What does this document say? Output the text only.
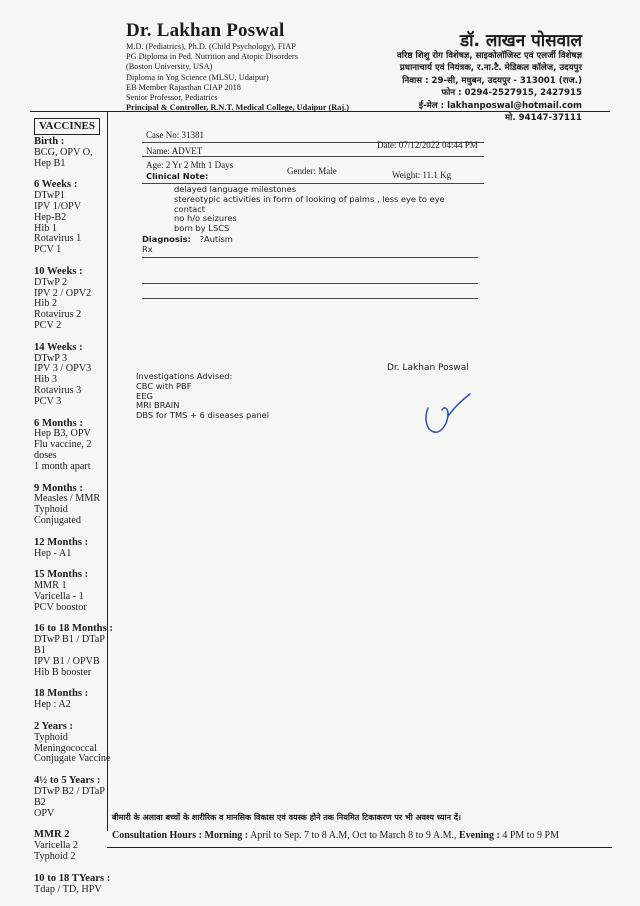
Dr. Lakhan Poswal
M.D. (Pediatrics), Ph.D. (Child Psychology), FIAP
PG Diploma in Ped. Nutrition and Atopic Disorders
(Boston University, USA)
Diploma in Yog Science (MLSU, Udaipur)
EB Member Rajasthan CIAP 2018
Senior Professor, Pediatrics
Principal & Controller, R.N.T. Medical College, Udaipur (Raj.)
डॉ. लाखन पोसवाल
वरिष्ठ शिशु रोग विशेषज्ञ, साइकोलॉजिस्ट एवं एलर्जी विशेषज्ञ
प्रधानाचार्य एवं नियंत्रक, र.ना.टै. मेडिकल कॉलेज, उदयपुर
निवास : 29-सी, मधुबन, उदयपुर - 313001 (राज.)
फोन : 0294-2527915, 2427915
ई-मेल : lakhanposwal@hotmail.com
मो. 94147-37111
VACCINES
Birth :
BCG, OPV O,
Hep B1
6 Weeks :
DTwP1
IPV 1/OPV
Hep-B2
Hib 1
Rotavirus 1
PCV 1
10 Weeks :
DTwP 2
IPV 2 / OPV2
Hib 2
Rotavirus 2
PCV 2
14 Weeks :
DTwP 3
IPV 3 / OPV3
Hib 3
Rotavirus 3
PCV 3
6 Months :
Hep B3, OPV
Flu vaccine, 2 doses
1 month apart
9 Months :
Measles / MMR
Typhoid Conjugated
12 Months :
Hep - A1
15 Months :
MMR 1
Varicella - 1
PCV boostor
16 to 18 Months :
DTwP B1 / DTaP B1
IPV B1 / OPVB
Hib B booster
18 Months :
Hep : A2
2 Years :
Typhoid
Meningococcal
Conjugate Vaccine
4½ to 5 Years :
DTwP B2 / DTaP B2
OPV
MMR 2
Varicella 2
Typhoid 2
10 to 18 TYears :
Tdap / TD, HPV
Case No: 31381
Date: 07/12/2022 04:44 PM
Name: ADVET
Age: 2 Yr 2 Mth 1 Days
Gender: Male	Weight: 11.1 Kg
Clinical Note:
delayed language milestones
stereotypic activities in form of looking of palms , less eye to eye
contact
no h/o seizures
born by LSCS
Diagnosis: ?Autism
Rx
Dr. Lakhan Poswal
Investigations Advised:
CBC with PBF
EEG
MRI BRAIN
DBS for TMS + 6 diseases panel
बीमारी के अलावा बच्चों के शारीरिक व मानसिक विकास एवं वयस्क होने तक नियमित टिकाकरण पर भी अवश्य ध्यान दें।
Consultation Hours : Morning : April to Sep. 7 to 8 A.M, Oct to March 8 to 9 A.M., Evening : 4 PM to 9 PM
